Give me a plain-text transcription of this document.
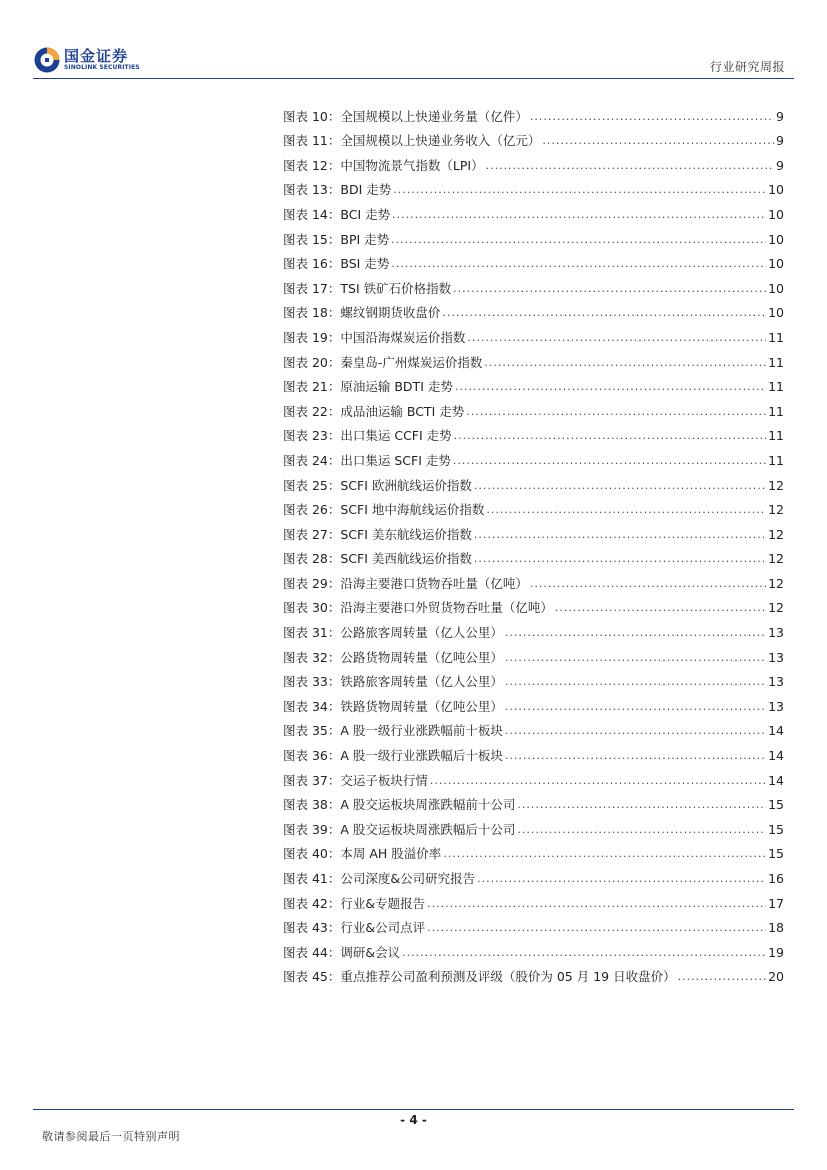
国金证券
SINOLINK SECURITIES	行业研究周报
图表 10：全国规模以上快递业务量（亿件） .....	9
图表 11：全国规模以上快递业务收入（亿元） .....	9
图表 12：中国物流景气指数（LPI） .....	9
图表 13：BDI 走势 .....	10
图表 14：BCI 走势 .....	10
图表 15：BPI 走势 .....	10
图表 16：BSI 走势 .....	10
图表 17：TSI 铁矿石价格指数 .....	10
图表 18：螺纹钢期货收盘价 .....	10
图表 19：中国沿海煤炭运价指数 .....	11
图表 20：秦皇岛-广州煤炭运价指数 .....	11
图表 21：原油运输 BDTI 走势 .....	11
图表 22：成品油运输 BCTI 走势 .....	11
图表 23：出口集运 CCFI 走势 .....	11
图表 24：出口集运 SCFI 走势 .....	11
图表 25：SCFI 欧洲航线运价指数 .....	12
图表 26：SCFI 地中海航线运价指数 .....	12
图表 27：SCFI 美东航线运价指数 .....	12
图表 28：SCFI 美西航线运价指数 .....	12
图表 29：沿海主要港口货物吞吐量（亿吨） .....	12
图表 30：沿海主要港口外贸货物吞吐量（亿吨） .....	12
图表 31：公路旅客周转量（亿人公里） .....	13
图表 32：公路货物周转量（亿吨公里） .....	13
图表 33：铁路旅客周转量（亿人公里） .....	13
图表 34：铁路货物周转量（亿吨公里） .....	13
图表 35：A 股一级行业涨跌幅前十板块 .....	14
图表 36：A 股一级行业涨跌幅后十板块 .....	14
图表 37：交运子板块行情 .....	14
图表 38：A 股交运板块周涨跌幅前十公司 .....	15
图表 39：A 股交运板块周涨跌幅后十公司 .....	15
图表 40：本周 AH 股溢价率 .....	15
图表 41：公司深度&公司研究报告 .....	16
图表 42：行业&专题报告 .....	17
图表 43：行业&公司点评 .....	18
图表 44：调研&会议 .....	19
图表 45：重点推荐公司盈利预测及评级（股价为 05 月 19 日收盘价） .....	20
- 4 -
敬请参阅最后一页特别声明
